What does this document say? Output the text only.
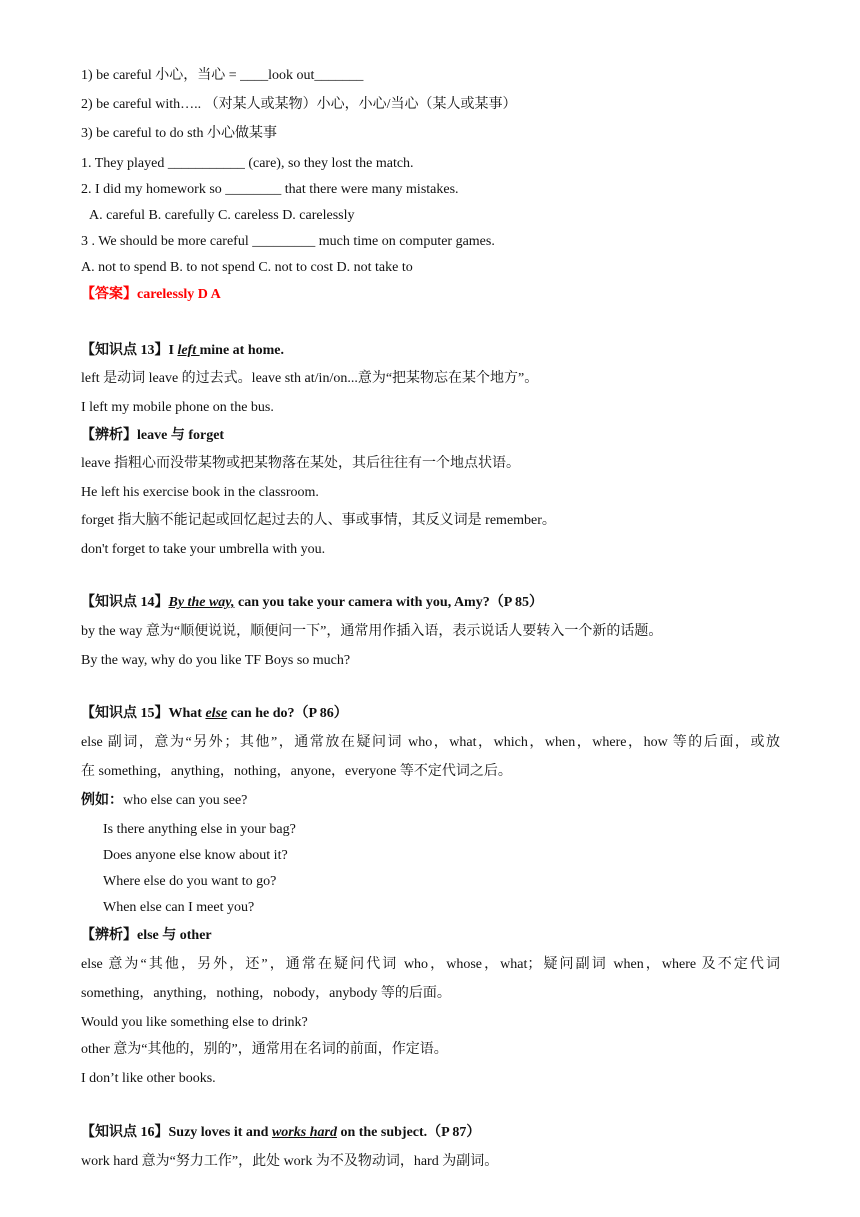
1) be careful 小心，当心 = ____look out_______
2) be careful with….. （对某人或某物）小心，小心/当心（某人或某事）
3) be careful to do sth 小心做某事
1. They played ___________ (care), so they lost the match.
2. I did my homework so ________ that there were many mistakes.
A. careful B. carefully C. careless D. carelessly
3 . We should be more careful _________ much time on computer games.
A. not to spend B. to not spend C. not to cost D. not take to
【答案】carelessly D A
【知识点 13】I left mine at home.
left 是动词 leave 的过去式。leave sth at/in/on...意为“把某物忘在某个地方”。
I left my mobile phone on the bus.
【辨析】leave 与 forget
leave 指粗心而没带某物或把某物落在某处，其后往往有一个地点状语。
He left his exercise book in the classroom.
forget 指大脑不能记起或回忆起过去的人、事或事情，其反义词是 remember。
don't forget to take your umbrella with you.
【知识点 14】By the way, can you take your camera with you, Amy?（P 85）
by the way 意为“顺便说说，顺便问一下”，通常用作插入语，表示说话人要转入一个新的话题。
By the way, why do you like TF Boys so much?
【知识点 15】What else can he do?（P 86）
else 副词，意为“另外；其他”，通常放在疑问词 who，what，which，when，where，how 等的后面，或放
在 something，anything，nothing，anyone，everyone 等不定代词之后。
例如：who else can you see?
Is there anything else in your bag?
Does anyone else know about it?
Where else do you want to go?
When else can I meet you?
【辨析】else 与 other
else 意为“其他，另外，还”，通常在疑问代词 who，whose，what；疑问副词 when，where 及不定代词
something，anything，nothing，nobody，anybody 等的后面。
Would you like something else to drink?
other 意为“其他的，别的”，通常用在名词的前面，作定语。
I don’t like other books.
【知识点 16】Suzy loves it and works hard on the subject.（P 87）
work hard 意为“努力工作”，此处 work 为不及物动词，hard 为副词。
